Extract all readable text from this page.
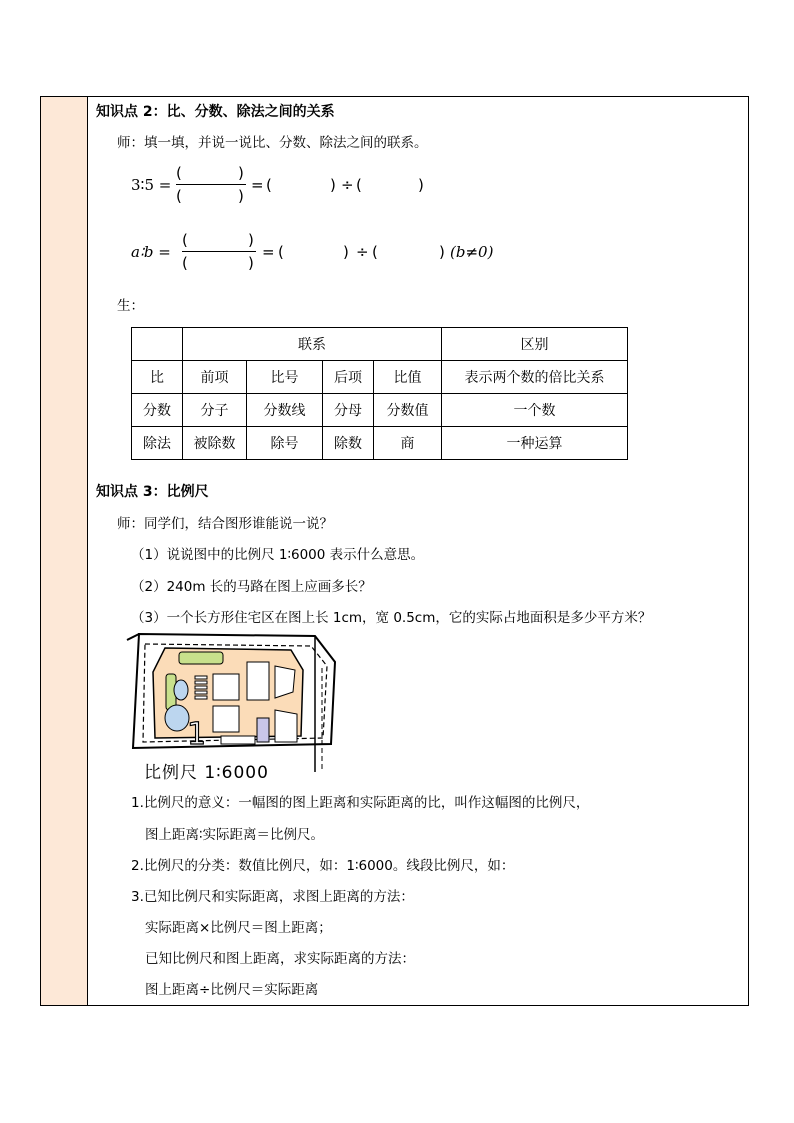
知识点 2：比、分数、除法之间的关系
师：填一填，并说一说比、分数、除法之间的联系。
3∶5 =
(	)
(	)
= (	) ÷ (	)
a∶b =
(	)
(	)
= (	) ÷ (	) (b≠0)
生：
	联系				区别
比	前项	比号	后项	比值	表示两个数的倍比关系
分数	分子	分数线	分母	分数值	一个数
除法	被除数	除号	除数	商	一种运算
知识点 3：比例尺
师：同学们，结合图形谁能说一说？
（1）说说图中的比例尺 1∶6000 表示什么意思。
（2）240m 长的马路在图上应画多长？
（3）一个长方形住宅区在图上长 1cm，宽 0.5cm，它的实际占地面积是多少平方米？
1
比例尺 1∶6000
1.比例尺的意义：一幅图的图上距离和实际距离的比，叫作这幅图的比例尺，
图上距离∶实际距离＝比例尺。
2.比例尺的分类：数值比例尺，如：1∶6000。线段比例尺，如：
3.已知比例尺和实际距离，求图上距离的方法：
实际距离×比例尺＝图上距离；
已知比例尺和图上距离，求实际距离的方法：
图上距离÷比例尺＝实际距离
